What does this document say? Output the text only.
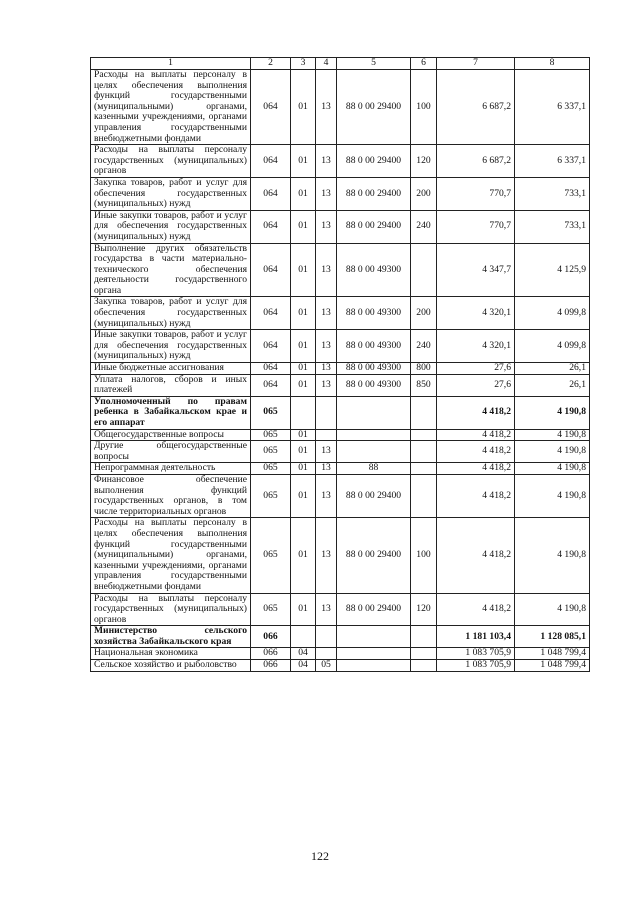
1	2	3	4	5	6	7	8
Расходы на выплаты персоналу в целях обеспечения выполнения функций государственными (муниципальными) органами, казенными учреждениями, органами управления государственными внебюджетными фондами	064	01	13	88 0 00 29400	100	6 687,2	6 337,1
Расходы на выплаты персоналу государственных (муниципальных) органов	064	01	13	88 0 00 29400	120	6 687,2	6 337,1
Закупка товаров, работ и услуг для обеспечения государственных (муниципальных) нужд	064	01	13	88 0 00 29400	200	770,7	733,1
Иные закупки товаров, работ и услуг для обеспечения государственных (муниципальных) нужд	064	01	13	88 0 00 29400	240	770,7	733,1
Выполнение других обязательств государства в части материально-технического обеспечения деятельности государственного органа	064	01	13	88 0 00 49300		4 347,7	4 125,9
Закупка товаров, работ и услуг для обеспечения государственных (муниципальных) нужд	064	01	13	88 0 00 49300	200	4 320,1	4 099,8
Иные закупки товаров, работ и услуг для обеспечения государственных (муниципальных) нужд	064	01	13	88 0 00 49300	240	4 320,1	4 099,8
Иные бюджетные ассигнования	064	01	13	88 0 00 49300	800	27,6	26,1
Уплата налогов, сборов и иных платежей	064	01	13	88 0 00 49300	850	27,6	26,1
Уполномоченный по правам ребенка в Забайкальском крае и его аппарат	065					4 418,2	4 190,8
Общегосударственные вопросы	065	01				4 418,2	4 190,8
Другие общегосударственные вопросы	065	01	13			4 418,2	4 190,8
Непрограммная деятельность	065	01	13	88		4 418,2	4 190,8
Финансовое обеспечение выполнения функций государственных органов, в том числе территориальных органов	065	01	13	88 0 00 29400		4 418,2	4 190,8
Расходы на выплаты персоналу в целях обеспечения выполнения функций государственными (муниципальными) органами, казенными учреждениями, органами управления государственными внебюджетными фондами	065	01	13	88 0 00 29400	100	4 418,2	4 190,8
Расходы на выплаты персоналу государственных (муниципальных) органов	065	01	13	88 0 00 29400	120	4 418,2	4 190,8
Министерство сельского хозяйства Забайкальского края	066					1 181 103,4	1 128 085,1
Национальная экономика	066	04				1 083 705,9	1 048 799,4
Сельское хозяйство и рыболовство	066	04	05			1 083 705,9	1 048 799,4
122
